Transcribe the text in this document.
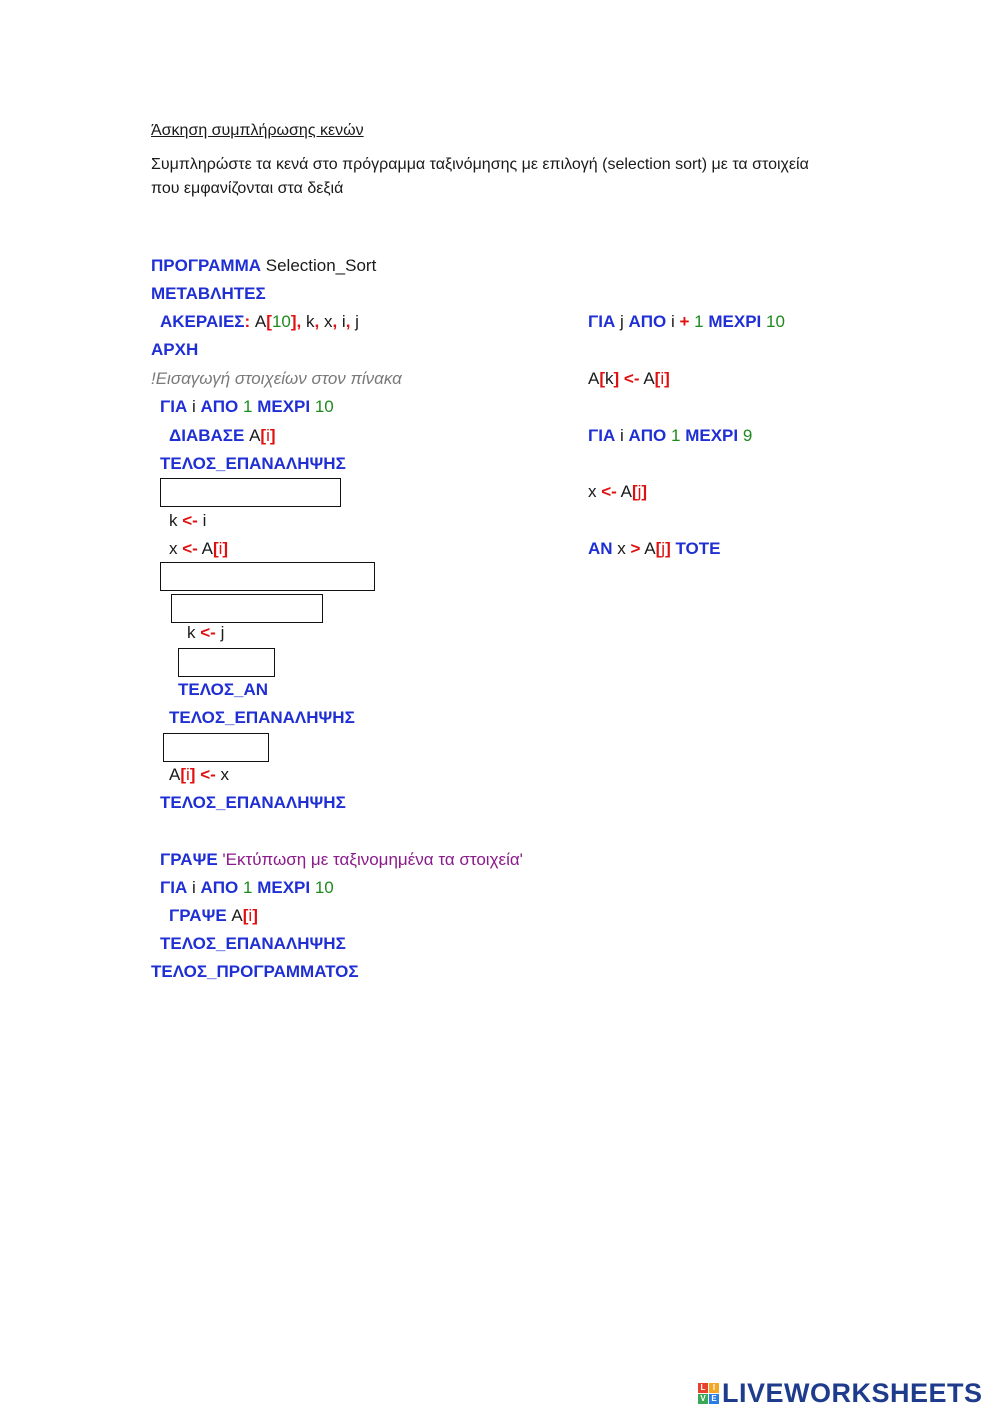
Άσκηση συμπλήρωσης κενών
Συμπληρώστε τα κενά στο πρόγραμμα ταξινόμησης με επιλογή (selection sort) με τα στοιχεία που εμφανίζονται στα δεξιά
ΠΡΟΓΡΑΜΜΑ Selection_Sort
ΜΕΤΑΒΛΗΤΕΣ
ΑΚΕΡΑΙΕΣ: A[10], k, x, i, j
ΑΡΧΗ
!Εισαγωγή στοιχείων στον πίνακα
ΓΙΑ i ΑΠΟ 1 ΜΕΧΡΙ 10
ΔΙΑΒΑΣΕ A[i]
ΤΕΛΟΣ_ΕΠΑΝΑΛΗΨΗΣ
k <- i
x <- A[i]
k <- j
ΤΕΛΟΣ_ΑΝ
ΤΕΛΟΣ_ΕΠΑΝΑΛΗΨΗΣ
A[i] <- x
ΤΕΛΟΣ_ΕΠΑΝΑΛΗΨΗΣ
ΓΡΑΨΕ 'Εκτύπωση με ταξινομημένα τα στοιχεία'
ΓΙΑ i ΑΠΟ 1 ΜΕΧΡΙ 10
ΓΡΑΨΕ A[i]
ΤΕΛΟΣ_ΕΠΑΝΑΛΗΨΗΣ
ΤΕΛΟΣ_ΠΡΟΓΡΑΜΜΑΤΟΣ
ΓΙΑ j ΑΠΟ i + 1 ΜΕΧΡΙ 10
A[k] <- A[i]
ΓΙΑ i ΑΠΟ 1 ΜΕΧΡΙ 9
x <- A[j]
ΑΝ x > A[j] ΤΟΤΕ
L I
V E LIVEWORKSHEETS
